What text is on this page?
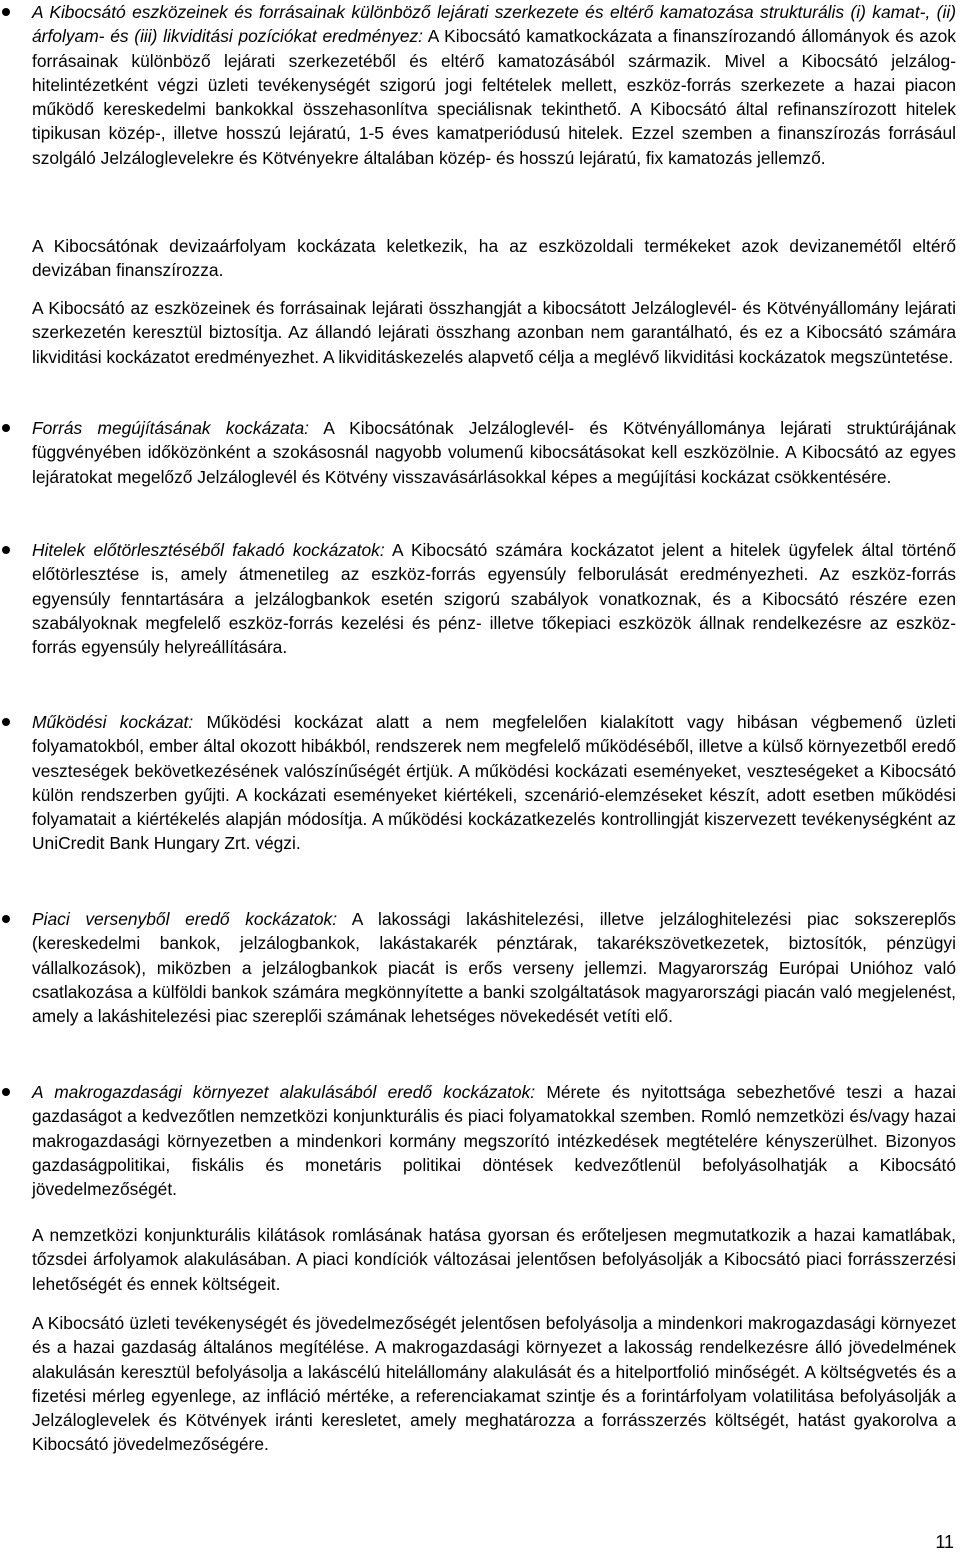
A Kibocsátó eszközeinek és forrásainak különböző lejárati szerkezete és eltérő kamatozása strukturális (i) kamat-, (ii) árfolyam- és (iii) likviditási pozíciókat eredményez: A Kibocsátó kamatkockázata a finanszírozandó állományok és azok forrásainak különböző lejárati szerkezetéből és eltérő kamatozásából származik. Mivel a Kibocsátó jelzálog-hitelintézetként végzi üzleti tevékenységét szigorú jogi feltételek mellett, eszköz-forrás szerkezete a hazai piacon működő kereskedelmi bankokkal összehasonlítva speciálisnak tekinthető. A Kibocsátó által refinanszírozott hitelek tipikusan közép-, illetve hosszú lejáratú, 1-5 éves kamatperiódusú hitelek. Ezzel szemben a finanszírozás forrásául szolgáló Jelzáloglevelekre és Kötvényekre általában közép- és hosszú lejáratú, fix kamatozás jellemző.
A Kibocsátónak devizaárfolyam kockázata keletkezik, ha az eszközoldali termékeket azok devizanemétől eltérő devizában finanszírozza.
A Kibocsátó az eszközeinek és forrásainak lejárati összhangját a kibocsátott Jelzáloglevél- és Kötvényállomány lejárati szerkezetén keresztül biztosítja. Az állandó lejárati összhang azonban nem garantálható, és ez a Kibocsátó számára likviditási kockázatot eredményezhet. A likviditáskezelés alapvető célja a meglévő likviditási kockázatok megszüntetése.
Forrás megújításának kockázata: A Kibocsátónak Jelzáloglevél- és Kötvényállománya lejárati struktúrájának függvényében időközönként a szokásosnál nagyobb volumenű kibocsátásokat kell eszközölnie. A Kibocsátó az egyes lejáratokat megelőző Jelzáloglevél és Kötvény visszavásárlásokkal képes a megújítási kockázat csökkentésére.
Hitelek előtörlesztéséből fakadó kockázatok: A Kibocsátó számára kockázatot jelent a hitelek ügyfelek által történő előtörlesztése is, amely átmenetileg az eszköz-forrás egyensúly felborulását eredményezheti. Az eszköz-forrás egyensúly fenntartására a jelzálogbankok esetén szigorú szabályok vonatkoznak, és a Kibocsátó részére ezen szabályoknak megfelelő eszköz-forrás kezelési és pénz- illetve tőkepiaci eszközök állnak rendelkezésre az eszköz-forrás egyensúly helyreállítására.
Működési kockázat: Működési kockázat alatt a nem megfelelően kialakított vagy hibásan végbemenő üzleti folyamatokból, ember által okozott hibákból, rendszerek nem megfelelő működéséből, illetve a külső környezetből eredő veszteségek bekövetkezésének valószínűségét értjük. A működési kockázati eseményeket, veszteségeket a Kibocsátó külön rendszerben gyűjti. A kockázati eseményeket kiértékeli, szcenárió-elemzéseket készít, adott esetben működési folyamatait a kiértékelés alapján módosítja. A működési kockázatkezelés kontrollingját kiszervezett tevékenységként az UniCredit Bank Hungary Zrt. végzi.
Piaci versenyből eredő kockázatok: A lakossági lakáshitelezési, illetve jelzáloghitelezési piac sokszereplős (kereskedelmi bankok, jelzálogbankok, lakástakarék pénztárak, takarékszövetkezetek, biztosítók, pénzügyi vállalkozások), miközben a jelzálogbankok piacát is erős verseny jellemzi. Magyarország Európai Unióhoz való csatlakozása a külföldi bankok számára megkönnyítette a banki szolgáltatások magyarországi piacán való megjelenést, amely a lakáshitelezési piac szereplői számának lehetséges növekedését vetíti elő.
A makrogazdasági környezet alakulásából eredő kockázatok: Mérete és nyitottsága sebezhetővé teszi a hazai gazdaságot a kedvezőtlen nemzetközi konjunkturális és piaci folyamatokkal szemben. Romló nemzetközi és/vagy hazai makrogazdasági környezetben a mindenkori kormány megszorító intézkedések megtételére kényszerülhet. Bizonyos gazdaságpolitikai, fiskális és monetáris politikai döntések kedvezőtlenül befolyásolhatják a Kibocsátó jövedelmezőségét.
A nemzetközi konjunkturális kilátások romlásának hatása gyorsan és erőteljesen megmutatkozik a hazai kamatlábak, tőzsdei árfolyamok alakulásában. A piaci kondíciók változásai jelentősen befolyásolják a Kibocsátó piaci forrásszerzési lehetőségét és ennek költségeit.
A Kibocsátó üzleti tevékenységét és jövedelmezőségét jelentősen befolyásolja a mindenkori makrogazdasági környezet és a hazai gazdaság általános megítélése. A makrogazdasági környezet a lakosság rendelkezésre álló jövedelmének alakulásán keresztül befolyásolja a lakáscélú hitelállomány alakulását és a hitelportfolió minőségét. A költségvetés és a fizetési mérleg egyenlege, az infláció mértéke, a referenciakamat szintje és a forintárfolyam volatilitása befolyásolják a Jelzáloglevelek és Kötvények iránti keresletet, amely meghatározza a forrásszerzés költségét, hatást gyakorolva a Kibocsátó jövedelmezőségére.
11
